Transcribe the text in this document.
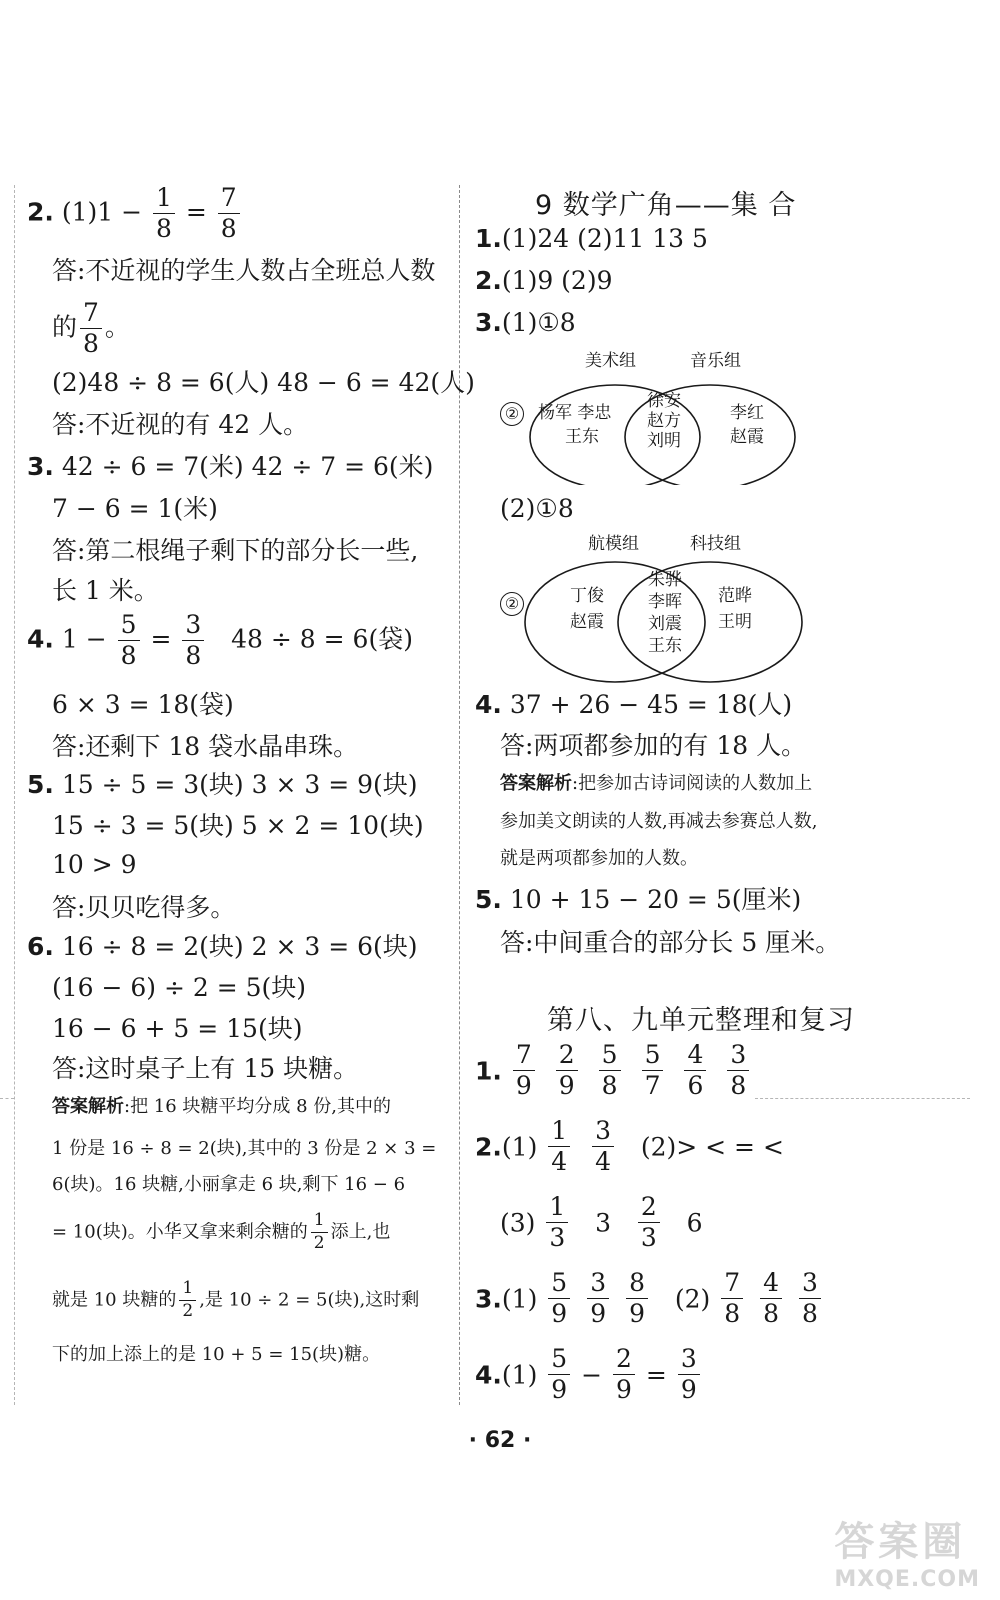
2. $(1)1 - \frac{1}{8} = \frac{7}{8}$
答:不近视的学生人数占全班总人数
的 $\frac{7}{8}$ 。
(2)48 ÷ 8 = 6(人) 48 − 6 = 42(人)
答:不近视的有 42 人。
3. 42 ÷ 6 = 7(米) 42 ÷ 7 = 6(米)
7 − 6 = 1(米)
答:第二根绳子剩下的部分长一些,
长 1 米。
4. $1 - \frac{5}{8} = \frac{3}{8} 48 \div 8 = 6$(袋)
6 × 3 = 18(袋)
答:还剩下 18 袋水晶串珠。
5. 15 ÷ 5 = 3(块) 3 × 3 = 9(块)
15 ÷ 3 = 5(块) 5 × 2 = 10(块)
10 > 9
答:贝贝吃得多。
6. 16 ÷ 8 = 2(块) 2 × 3 = 6(块)
(16 − 6) ÷ 2 = 5(块)
16 − 6 + 5 = 15(块)
答:这时桌子上有 15 块糖。
答案解析:把 16 块糖平均分成 8 份,其中的
1 份是 16 ÷ 8 = 2(块),其中的 3 份是 2 × 3 =
6(块)。16 块糖,小丽拿走 6 块,剩下 16 − 6
= 10(块)。小华又拿来剩余糖的 $\frac{1}{2}$ 添上,也
就是 10 块糖的 $\frac{1}{2}$ ,是 10 ÷ 2 = 5(块),这时剩
下的加上添上的是 10 + 5 = 15(块)糖。
9 数学广角——集 合
1.(1)24 (2)11 13 5
2.(1)9 (2)9
3.(1)①8
②
美术组	音乐组
杨军 李忠
王东
徐安
赵方
刘明
李红
赵霞
(2)①8
②
航模组	科技组
丁俊
赵霞
朱骅
李晖
刘震
王东
范晔
王明
4. 37 + 26 − 45 = 18(人)
答:两项都参加的有 18 人。
答案解析:把参加古诗词阅读的人数加上
参加美文朗读的人数,再减去参赛总人数,
就是两项都参加的人数。
5. 10 + 15 − 20 = 5(厘米)
答:中间重合的部分长 5 厘米。
第八、九单元整理和复习
1. $\frac{7}{9} \frac{2}{9} \frac{5}{8} \frac{5}{7} \frac{4}{6} \frac{3}{8}$
$2.(1) \frac{1}{4}$
$\frac{3}{4} (2)>$ < = <
$(3) \frac{1}{3} 3 \frac{2}{3} 6$
$3.(1) \frac{5}{9} \frac{3}{9} \frac{8}{9} (2) \frac{7}{8} \frac{4}{8} \frac{3}{8}$
$4.(1) \frac{5}{9} - \frac{2}{9} = \frac{3}{9}$
· 62 ·
答案圈
MXQE.COM
